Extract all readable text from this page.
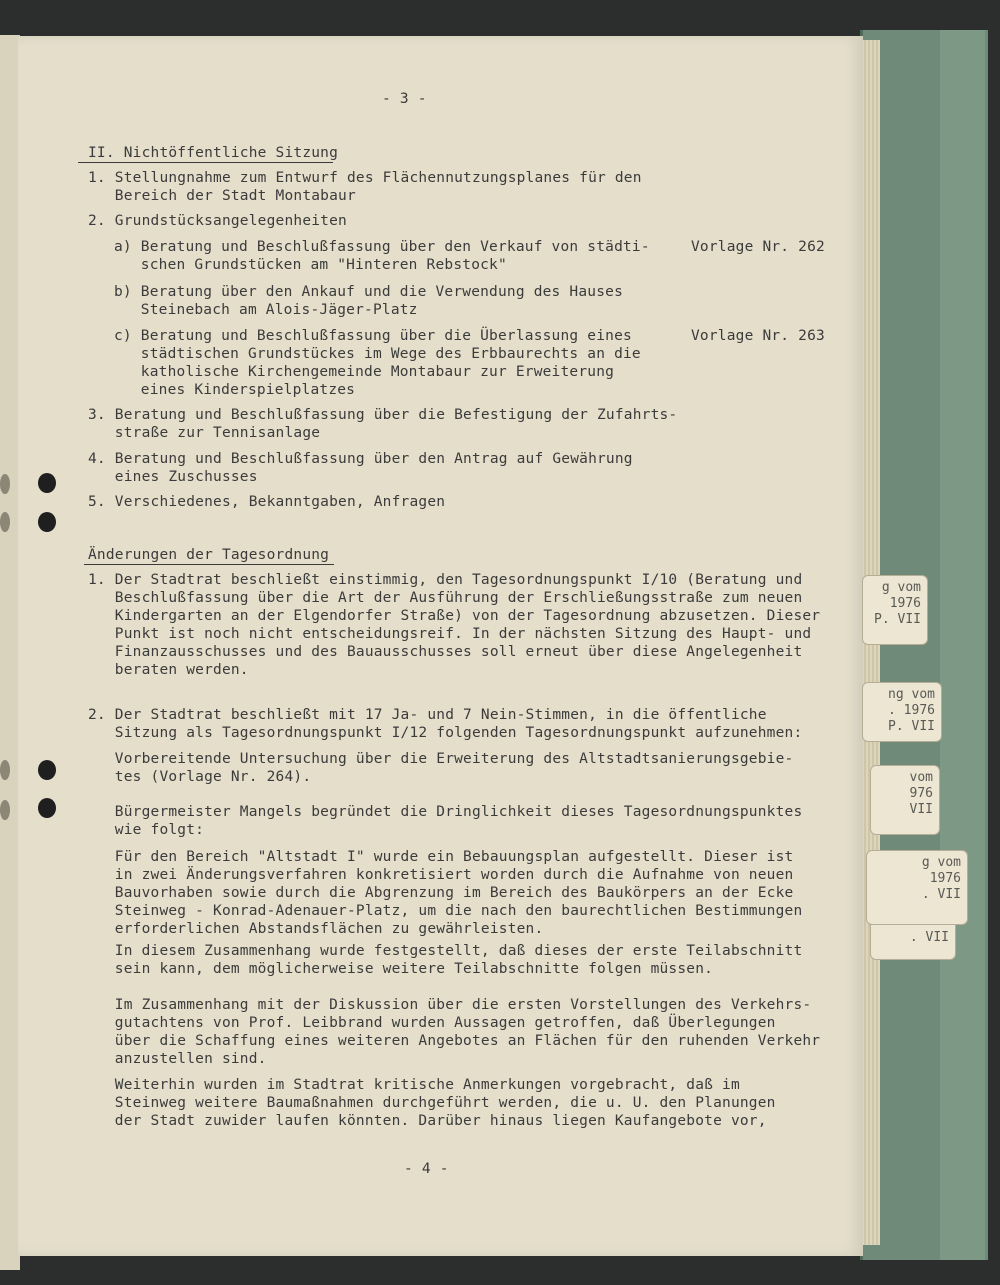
g vom
1976
P. VII
ng vom
. 1976
P. VII
vom
976
VII
. VII
g vom
1976
. VII
- 3 -
II. Nichtöffentliche Sitzung
1. Stellungnahme zum Entwurf des Flächennutzungsplanes für den
Bereich der Stadt Montabaur
2. Grundstücksangelegenheiten
a) Beratung und Beschlußfassung über den Verkauf von städti-
schen Grundstücken am "Hinteren Rebstock"
Vorlage Nr. 262
b) Beratung über den Ankauf und die Verwendung des Hauses
Steinebach am Alois-Jäger-Platz
c) Beratung und Beschlußfassung über die Überlassung eines
städtischen Grundstückes im Wege des Erbbaurechts an die
katholische Kirchengemeinde Montabaur zur Erweiterung
eines Kinderspielplatzes
Vorlage Nr. 263
3. Beratung und Beschlußfassung über die Befestigung der Zufahrts-
straße zur Tennisanlage
4. Beratung und Beschlußfassung über den Antrag auf Gewährung
eines Zuschusses
5. Verschiedenes, Bekanntgaben, Anfragen
Änderungen der Tagesordnung
1. Der Stadtrat beschließt einstimmig, den Tagesordnungspunkt I/10 (Beratung und
Beschlußfassung über die Art der Ausführung der Erschließungsstraße zum neuen
Kindergarten an der Elgendorfer Straße) von der Tagesordnung abzusetzen. Dieser
Punkt ist noch nicht entscheidungsreif. In der nächsten Sitzung des Haupt- und
Finanzausschusses und des Bauausschusses soll erneut über diese Angelegenheit
beraten werden.
2. Der Stadtrat beschließt mit 17 Ja- und 7 Nein-Stimmen, in die öffentliche
Sitzung als Tagesordnungspunkt I/12 folgenden Tagesordnungspunkt aufzunehmen:
Vorbereitende Untersuchung über die Erweiterung des Altstadtsanierungsgebie-
tes (Vorlage Nr. 264).
Bürgermeister Mangels begründet die Dringlichkeit dieses Tagesordnungspunktes
wie folgt:
Für den Bereich "Altstadt I" wurde ein Bebauungsplan aufgestellt. Dieser ist
in zwei Änderungsverfahren konkretisiert worden durch die Aufnahme von neuen
Bauvorhaben sowie durch die Abgrenzung im Bereich des Baukörpers an der Ecke
Steinweg - Konrad-Adenauer-Platz, um die nach den baurechtlichen Bestimmungen
erforderlichen Abstandsflächen zu gewährleisten.
In diesem Zusammenhang wurde festgestellt, daß dieses der erste Teilabschnitt
sein kann, dem möglicherweise weitere Teilabschnitte folgen müssen.
Im Zusammenhang mit der Diskussion über die ersten Vorstellungen des Verkehrs-
gutachtens von Prof. Leibbrand wurden Aussagen getroffen, daß Überlegungen
über die Schaffung eines weiteren Angebotes an Flächen für den ruhenden Verkehr
anzustellen sind.
Weiterhin wurden im Stadtrat kritische Anmerkungen vorgebracht, daß im
Steinweg weitere Baumaßnahmen durchgeführt werden, die u. U. den Planungen
der Stadt zuwider laufen könnten. Darüber hinaus liegen Kaufangebote vor,
- 4 -
